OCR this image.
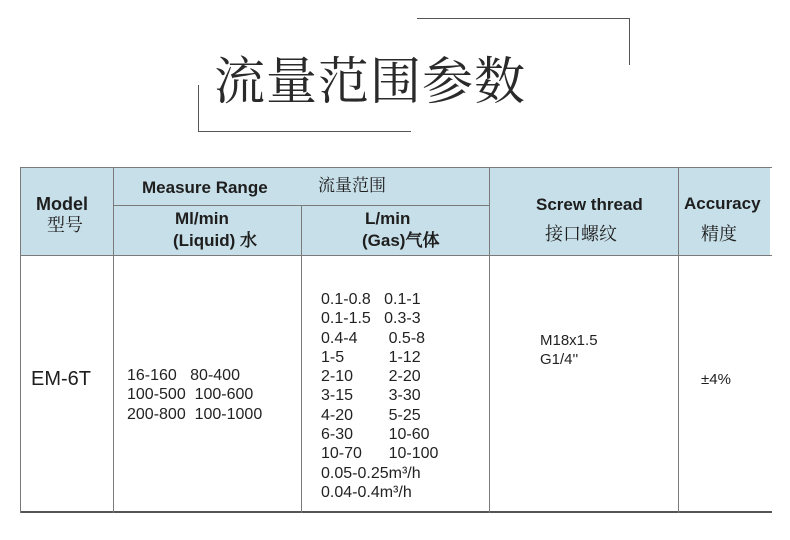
流量范围参数
Model
型号
Measure Range	流量范围
Ml/min
(Liquid) 水
L/min
(Gas)气体
Screw thread
接口螺纹
Accuracy
精度
EM-6T 16-160   80-400
100-500  100-600
200-800  100-1000
0.1-0.8   0.1-1
0.1-1.5   0.3-3
0.4-4       0.5-8
1-5          1-12
2-10        2-20
3-15        3-30
4-20        5-25
6-30        10-60
10-70      10-100
0.05-0.25m³/h
0.04-0.4m³/h
M18x1.5
G1/4''
±4%
